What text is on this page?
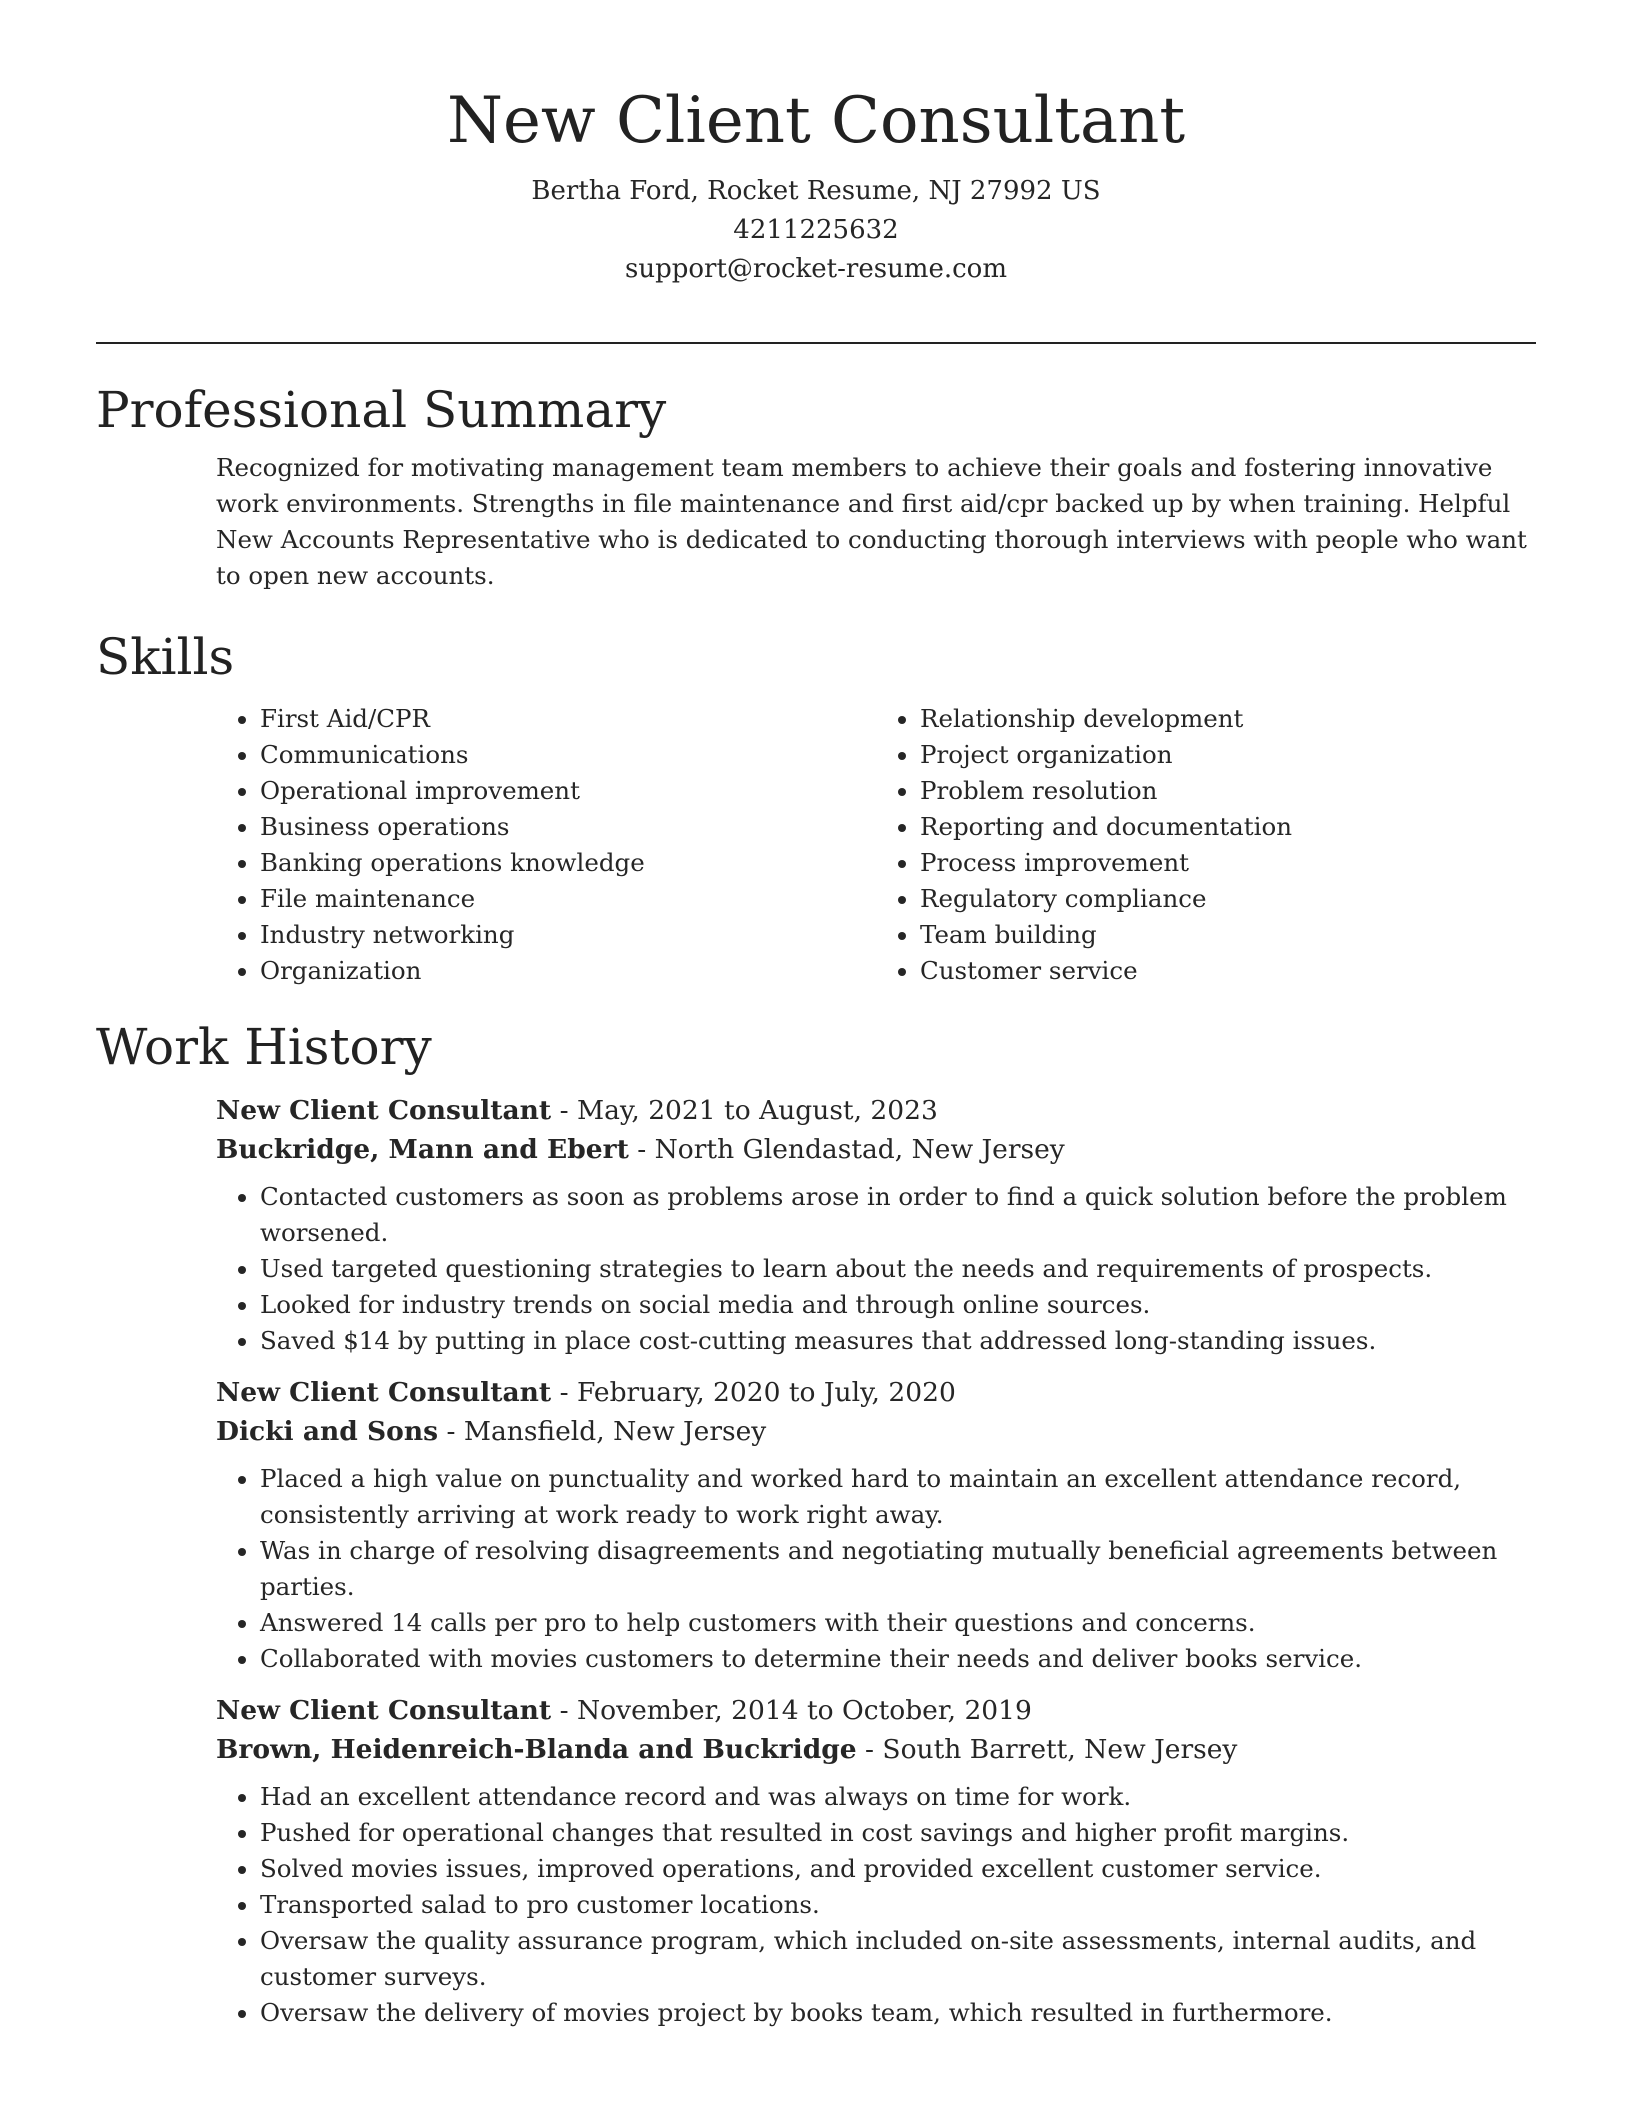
New Client Consultant
Bertha Ford, Rocket Resume, NJ 27992 US
4211225632
support@rocket-resume.com
Professional Summary
Recognized for motivating management team members to achieve their goals and fostering innovative work environments. Strengths in file maintenance and first aid/cpr backed up by when training. Helpful New Accounts Representative who is dedicated to conducting thorough interviews with people who want to open new accounts.
Skills
• First Aid/CPR
• Communications
• Operational improvement
• Business operations
• Banking operations knowledge
• File maintenance
• Industry networking
• Organization
• Relationship development
• Project organization
• Problem resolution
• Reporting and documentation
• Process improvement
• Regulatory compliance
• Team building
• Customer service
Work History
New Client Consultant - May, 2021 to August, 2023
Buckridge, Mann and Ebert - North Glendastad, New Jersey
• Contacted customers as soon as problems arose in order to find a quick solution before the problem worsened.
• Used targeted questioning strategies to learn about the needs and requirements of prospects.
• Looked for industry trends on social media and through online sources.
• Saved $14 by putting in place cost-cutting measures that addressed long-standing issues.
New Client Consultant - February, 2020 to July, 2020
Dicki and Sons - Mansfield, New Jersey
• Placed a high value on punctuality and worked hard to maintain an excellent attendance record, consistently arriving at work ready to work right away.
• Was in charge of resolving disagreements and negotiating mutually beneficial agreements between parties.
• Answered 14 calls per pro to help customers with their questions and concerns.
• Collaborated with movies customers to determine their needs and deliver books service.
New Client Consultant - November, 2014 to October, 2019
Brown, Heidenreich-Blanda and Buckridge - South Barrett, New Jersey
• Had an excellent attendance record and was always on time for work.
• Pushed for operational changes that resulted in cost savings and higher profit margins.
• Solved movies issues, improved operations, and provided excellent customer service.
• Transported salad to pro customer locations.
• Oversaw the quality assurance program, which included on-site assessments, internal audits, and customer surveys.
• Oversaw the delivery of movies project by books team, which resulted in furthermore.
